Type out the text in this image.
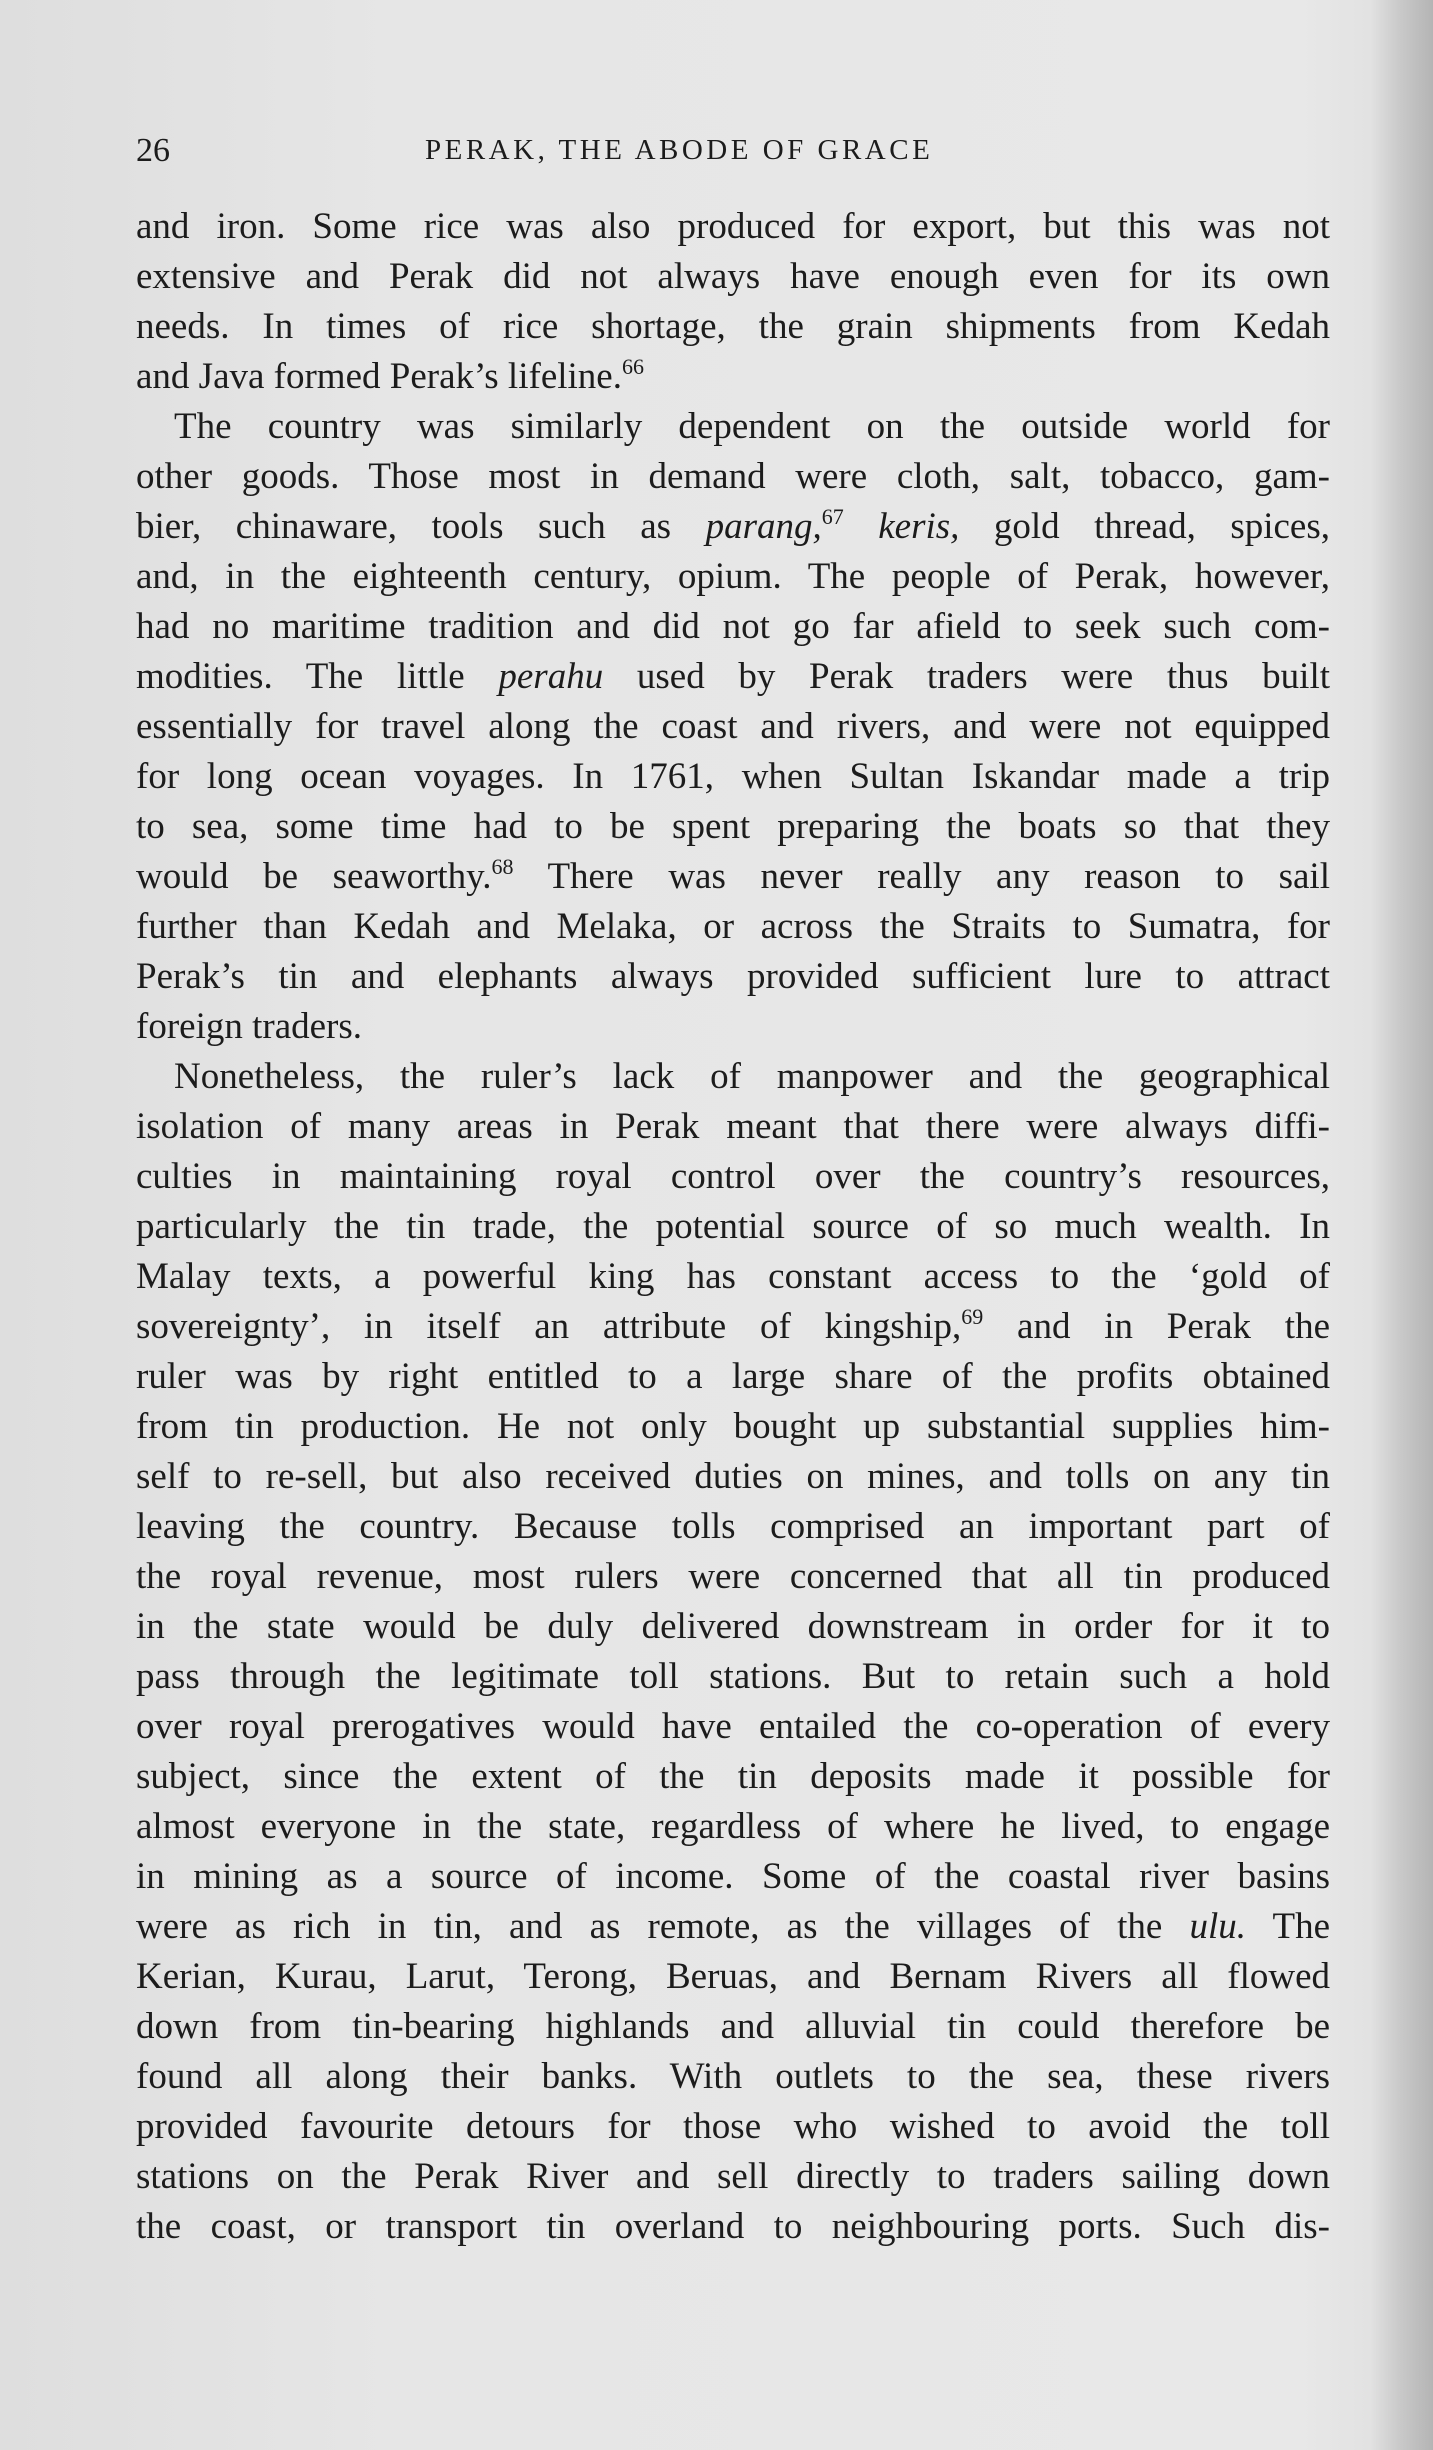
26	PERAK, THE ABODE OF GRACE
and iron. Some rice was also produced for export, but this was not
extensive and Perak did not always have enough even for its own
needs. In times of rice shortage, the grain shipments from Kedah
and Java formed Perak’s lifeline.$^{66}$
The country was similarly dependent on the outside world for
other goods. Those most in demand were cloth, salt, tobacco, gam-
bier, chinaware, tools such as parang,$^{67}$ keris, gold thread, spices,
and, in the eighteenth century, opium. The people of Perak, however,
had no maritime tradition and did not go far afield to seek such com-
modities. The little perahu used by Perak traders were thus built
essentially for travel along the coast and rivers, and were not equipped
for long ocean voyages. In 1761, when Sultan Iskandar made a trip
to sea, some time had to be spent preparing the boats so that they
would be seaworthy.$^{68}$ There was never really any reason to sail
further than Kedah and Melaka, or across the Straits to Sumatra, for
Perak’s tin and elephants always provided sufficient lure to attract
foreign traders.
Nonetheless, the ruler’s lack of manpower and the geographical
isolation of many areas in Perak meant that there were always diffi-
culties in maintaining royal control over the country’s resources,
particularly the tin trade, the potential source of so much wealth. In
Malay texts, a powerful king has constant access to the ‘gold of
sovereignty’, in itself an attribute of kingship,$^{69}$ and in Perak the
ruler was by right entitled to a large share of the profits obtained
from tin production. He not only bought up substantial supplies him-
self to re-sell, but also received duties on mines, and tolls on any tin
leaving the country. Because tolls comprised an important part of
the royal revenue, most rulers were concerned that all tin produced
in the state would be duly delivered downstream in order for it to
pass through the legitimate toll stations. But to retain such a hold
over royal prerogatives would have entailed the co-operation of every
subject, since the extent of the tin deposits made it possible for
almost everyone in the state, regardless of where he lived, to engage
in mining as a source of income. Some of the coastal river basins
were as rich in tin, and as remote, as the villages of the ulu. The
Kerian, Kurau, Larut, Terong, Beruas, and Bernam Rivers all flowed
down from tin-bearing highlands and alluvial tin could therefore be
found all along their banks. With outlets to the sea, these rivers
provided favourite detours for those who wished to avoid the toll
stations on the Perak River and sell directly to traders sailing down
the coast, or transport tin overland to neighbouring ports. Such dis-
